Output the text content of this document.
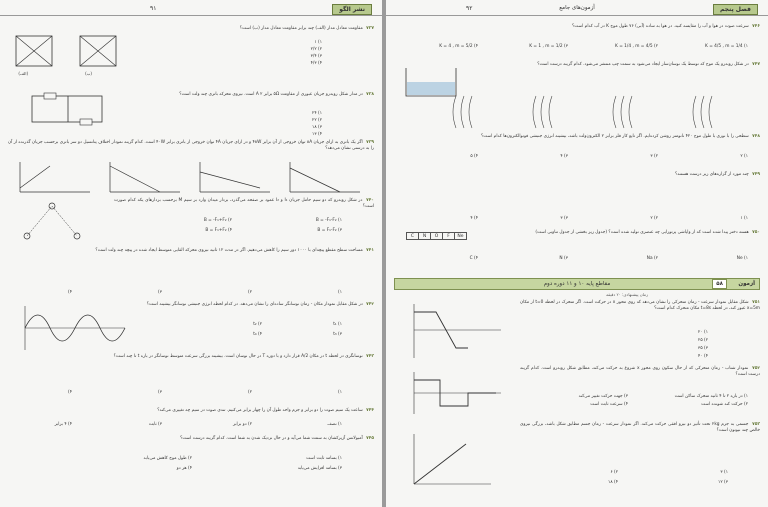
نشر الگو
۹۱
۷۳۷ مقاومت معادل مدار (الف) چند برابر مقاومت معادل مدار (ب) است؟
۱) ۱
۲) ۲/۲
۳) ۳/۴
۴) ۴/۳
(الف)	(ب)
۷۳۸ در مدار شکل روبه‌رو جریان عبوری از مقاومت ۵Ω برابر A ۲ است. نیروی محرکه باتری چند ولت است؟
۱) ۲۴
۲) ۲۲
۳) ۱۸
۴) ۱۳
۷۳۹ اگر یک باتری به ازای جریان ۸A توان خروجی از آن برابر ۴۸W و در ازای جریان ۴A توان خروجی از باتری برابر ۴۰W است. کدام گزینه نمودار اختلاف پتانسیل دو سر باتری برحسب جریان گذرنده از آن را به درستی نشان می‌دهد؟
۷۴۰ در شکل روبه‌رو که دو سیم حامل جریان I₁ و I₂ عمود بر صفحه می‌گذرد، بردار میدان وارد بر سیم M برحسب بردارهای یکه کدام صورت است؟
۱) B = -F₁-F₂
۲) B = -F₁+F₂
۳) B = F₁-F₂
۴) B = F₁+F₂
۷۴۱ مساحت سطح مقطع پیچه‌ای با ۱۰۰۰ دور سیم را کاهش می‌دهیم. اگر در مدت ۱۲ ثانیه نیروی محرکه القایی متوسط ایجاد شده در پیچه چند ولت است؟
۱)
۲)
۳)
۴)
۷۴۲ در شکل مقابل نمودار مکان - زمان نوسانگر ساده‌ای را نشان می‌دهد. در کدام لحظه انرژی جنبشی نوسانگر بیشینه است؟
۱) t₁
۲) t₂
۳) t₃
۴) t₄
۷۴۳ نوسانگری در لحظه t در مکان A/2 قرار دارد و با دوره T در حال نوسان است. بیشینه بزرگی سرعت متوسط نوسانگر در بازه t تا چند است؟
۱)
۲)
۳)
۴)
۷۴۴ ساعت یک سیم صوت را دو برابر و جرم واحد طول آن را چهار برابر می‌کنیم. تندی صوت در سیم چه تغییری می‌کند؟
۱) نصف
۲) دو برابر
۳) ثابت
۴) ۴ برابر
۷۴۵ آمبولانس آژیرکشان به سمت شما می‌آید و در حال نزدیک شدن به شما است. کدام گزینه درست است؟
۱) بسامد ثابت است
۲) طول موج کاهش می‌یابد
۳) بسامد افزایش می‌یابد
۴) هر دو
فصل پنجم
آزمون‌های جامع
۹۲
۷۴۶ سرعت صوت در هوا و آب را مقایسه کنید. در هوا به ساده (آبی) ۷۶ طول موج K در آب کدام است؟
۱) K = 4/5 , m = 1/4
۲) K = 1/4 , m = 4/5
۳) K = 1 , m = 1/2
۴) K = 4 , m = 5/2
۷۴۷ در شکل روبه‌رو یک موج که توسط یک نوسان‌ساز ایجاد می‌شود به سمت چپ منتشر می‌شود. کدام گزینه درست است؟
۷۴۸ سطحی را با نوری با طول موج ۴۲۰ نانومتر روشن کرده‌ایم. اگر تابع کار فلز برابر ۲ الکترون‌ولت باشد، بیشینه انرژی جنبشی فوتوالکترون‌ها کدام است؟
۱) ۲
۲) ۳
۳) ۴
۴) ۵
۷۴۹ چند مورد از گزاره‌های زیر درست هستند؟
۱) ۱
۲) ۲
۳) ۳
۴) ۴
۷۵۰ هسته دختر پیدا شده است که از واپاشی پرتوزایی چه عنصری تولید شده است؟ (جدول زیر بخشی از جدول تناوبی است)
C	N	O	F	Ne
۱) Ne
۲) Na
۳) N
۴) C
آزمون
۵۸
مقاطع پایه ۱۰ و ۱۱ دوره دوم
زمان پیشنهادی: ۲۰ دقیقه
۷۵۱ شکل مقابل نمودار سرعت - زمان متحرکی را نشان می‌دهد که روی محور x در حرکت است. اگر متحرک در لحظه t=0 از مکان x=5m عبور کند، در لحظه t=8s مکان متحرک کدام است؟
۱) ۲۰
۲) ۲۵
۳) ۳۵
۴) ۴۰
۷۵۲ نمودار شتاب - زمان متحرکی که از حال سکون روی محور x شروع به حرکت می‌کند، مطابق شکل روبه‌رو است. کدام گزینه درست است؟
۱) در بازه ۲ تا ۴ ثانیه متحرک ساکن است
۲) حرکت کند شونده است
۳) جهت حرکت تغییر می‌کند
۴) سرعت ثابت است
۷۵۳ جسمی به جرم ۲kg تحت تأثیر دو نیرو افقی حرکت می‌کند. اگر نمودار سرعت - زمان جسم مطابق شکل باشد، بزرگی نیروی خالص چند نیوتون است؟
۱) ۳
۲) ۶
۳) ۱۲
۴) ۱۸
